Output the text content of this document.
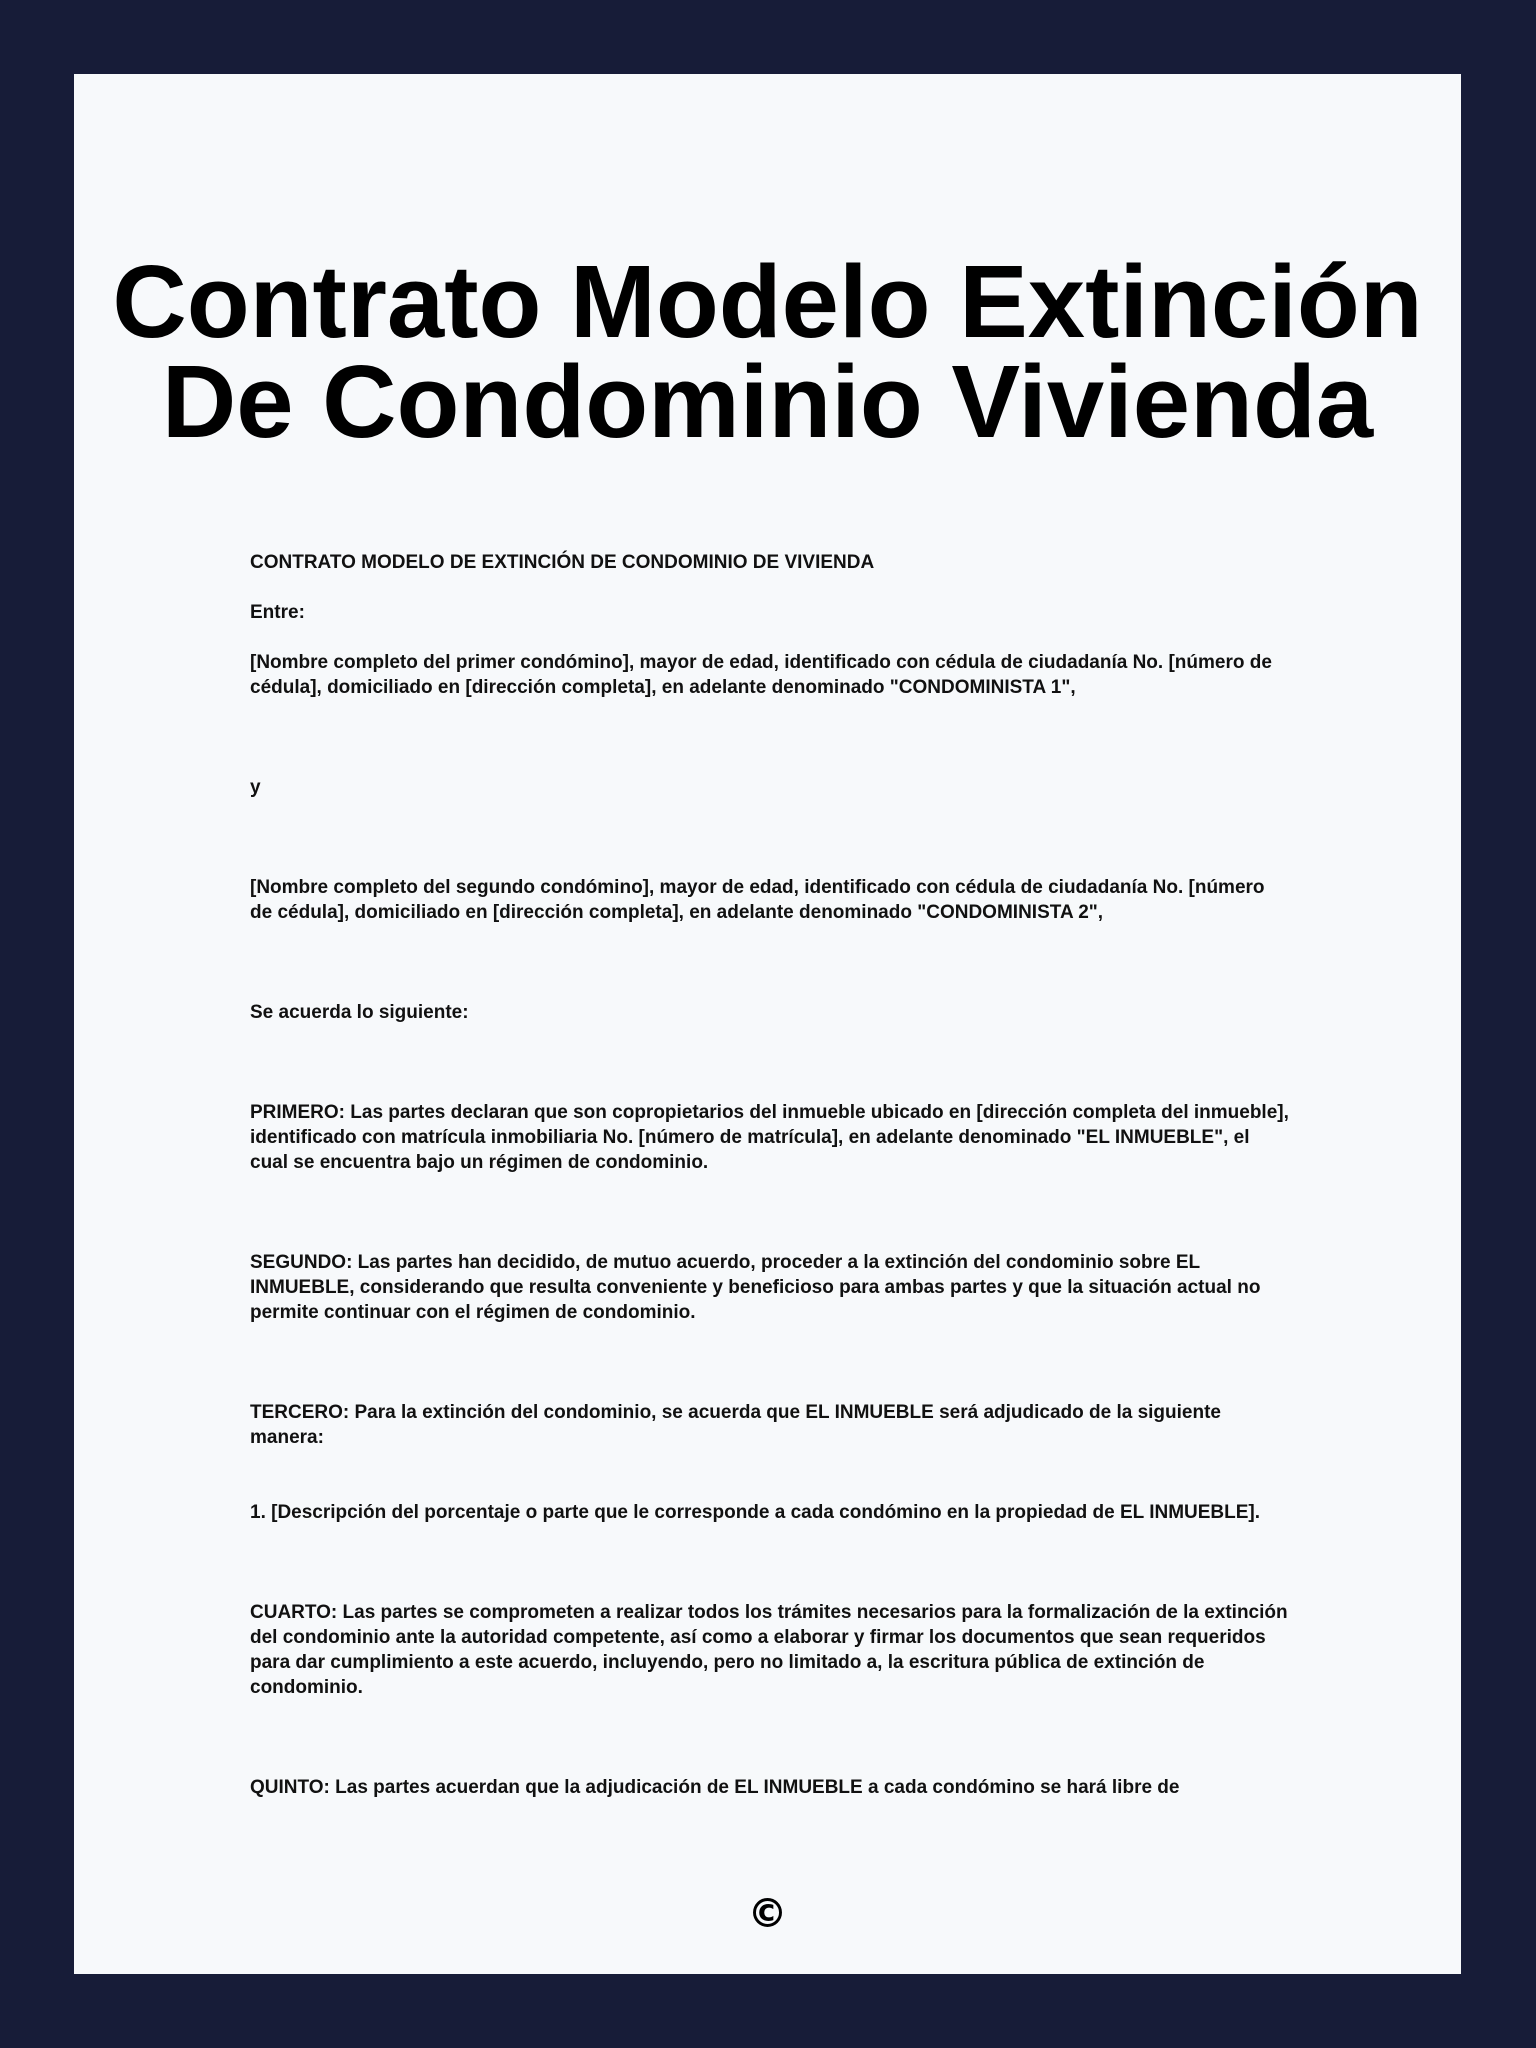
Contrato Modelo Extinción De Condominio Vivienda

CONTRATO MODELO DE EXTINCIÓN DE CONDOMINIO DE VIVIENDA

Entre:

[Nombre completo del primer condómino], mayor de edad, identificado con cédula de ciudadanía No. [número de cédula], domiciliado en [dirección completa], en adelante denominado "CONDOMINISTA 1",

y

[Nombre completo del segundo condómino], mayor de edad, identificado con cédula de ciudadanía No. [número de cédula], domiciliado en [dirección completa], en adelante denominado "CONDOMINISTA 2",

Se acuerda lo siguiente:

PRIMERO: Las partes declaran que son copropietarios del inmueble ubicado en [dirección completa del inmueble], identificado con matrícula inmobiliaria No. [número de matrícula], en adelante denominado "EL INMUEBLE", el cual se encuentra bajo un régimen de condominio.

SEGUNDO: Las partes han decidido, de mutuo acuerdo, proceder a la extinción del condominio sobre EL INMUEBLE, considerando que resulta conveniente y beneficioso para ambas partes y que la situación actual no permite continuar con el régimen de condominio.

TERCERO: Para la extinción del condominio, se acuerda que EL INMUEBLE será adjudicado de la siguiente manera:

1. [Descripción del porcentaje o parte que le corresponde a cada condómino en la propiedad de EL INMUEBLE].

CUARTO: Las partes se comprometen a realizar todos los trámites necesarios para la formalización de la extinción del condominio ante la autoridad competente, así como a elaborar y firmar los documentos que sean requeridos para dar cumplimiento a este acuerdo, incluyendo, pero no limitado a, la escritura pública de extinción de condominio.

QUINTO: Las partes acuerdan que la adjudicación de EL INMUEBLE a cada condómino se hará libre de

©
